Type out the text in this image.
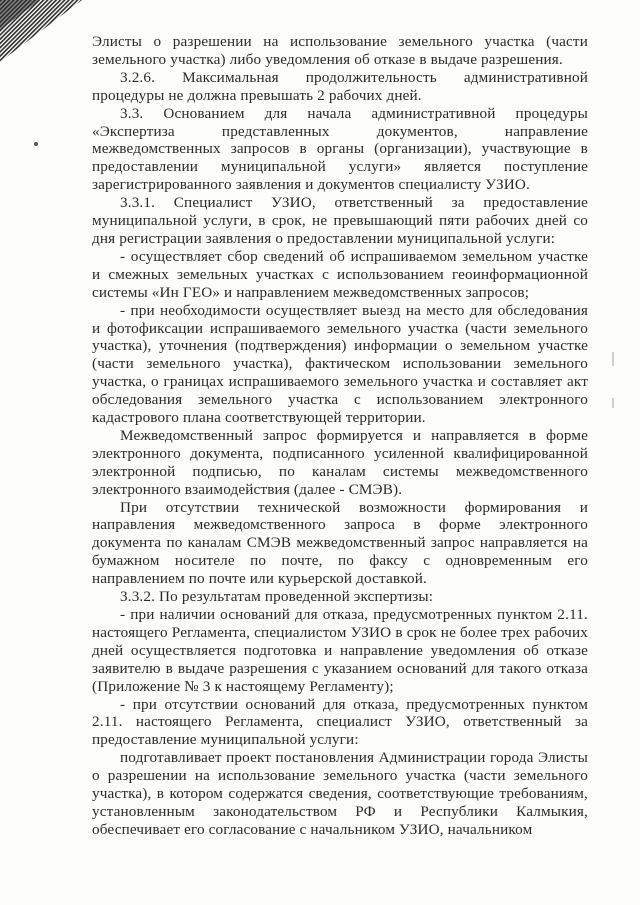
Элисты о разрешении на использование земельного участка (части земельного участка) либо уведомления об отказе в выдаче разрешения.

3.2.6. Максимальная продолжительность административной процедуры не должна превышать 2 рабочих дней.

3.3. Основанием для начала административной процедуры «Экспертиза представленных документов, направление межведомственных запросов в органы (организации), участвующие в предоставлении муниципальной услуги» является поступление зарегистрированного заявления и документов специалисту УЗИО.

3.3.1. Специалист УЗИО, ответственный за предоставление муниципальной услуги, в срок, не превышающий пяти рабочих дней со дня регистрации заявления о предоставлении муниципальной услуги:

- осуществляет сбор сведений об испрашиваемом земельном участке и смежных земельных участках с использованием геоинформационной системы «Ин ГЕО» и направлением межведомственных запросов;

- при необходимости осуществляет выезд на место для обследования и фотофиксации испрашиваемого земельного участка (части земельного участка), уточнения (подтверждения) информации о земельном участке (части земельного участка), фактическом использовании земельного участка, о границах испрашиваемого земельного участка и составляет акт обследования земельного участка с использованием электронного кадастрового плана соответствующей территории.

Межведомственный запрос формируется и направляется в форме электронного документа, подписанного усиленной квалифицированной электронной подписью, по каналам системы межведомственного электронного взаимодействия (далее - СМЭВ).

При отсутствии технической возможности формирования и направления межведомственного запроса в форме электронного документа по каналам СМЭВ межведомственный запрос направляется на бумажном носителе по почте, по факсу с одновременным его направлением по почте или курьерской доставкой.

3.3.2. По результатам проведенной экспертизы:

- при наличии оснований для отказа, предусмотренных пунктом 2.11. настоящего Регламента, специалистом УЗИО в срок не более трех рабочих дней осуществляется подготовка и направление уведомления об отказе заявителю в выдаче разрешения с указанием оснований для такого отказа (Приложение № 3 к настоящему Регламенту);

- при отсутствии оснований для отказа, предусмотренных пунктом 2.11. настоящего Регламента, специалист УЗИО, ответственный за предоставление муниципальной услуги:

подготавливает проект постановления Администрации города Элисты о разрешении на использование земельного участка (части земельного участка), в котором содержатся сведения, соответствующие требованиям, установленным законодательством РФ и Республики Калмыкия, обеспечивает его согласование с начальником УЗИО, начальником
